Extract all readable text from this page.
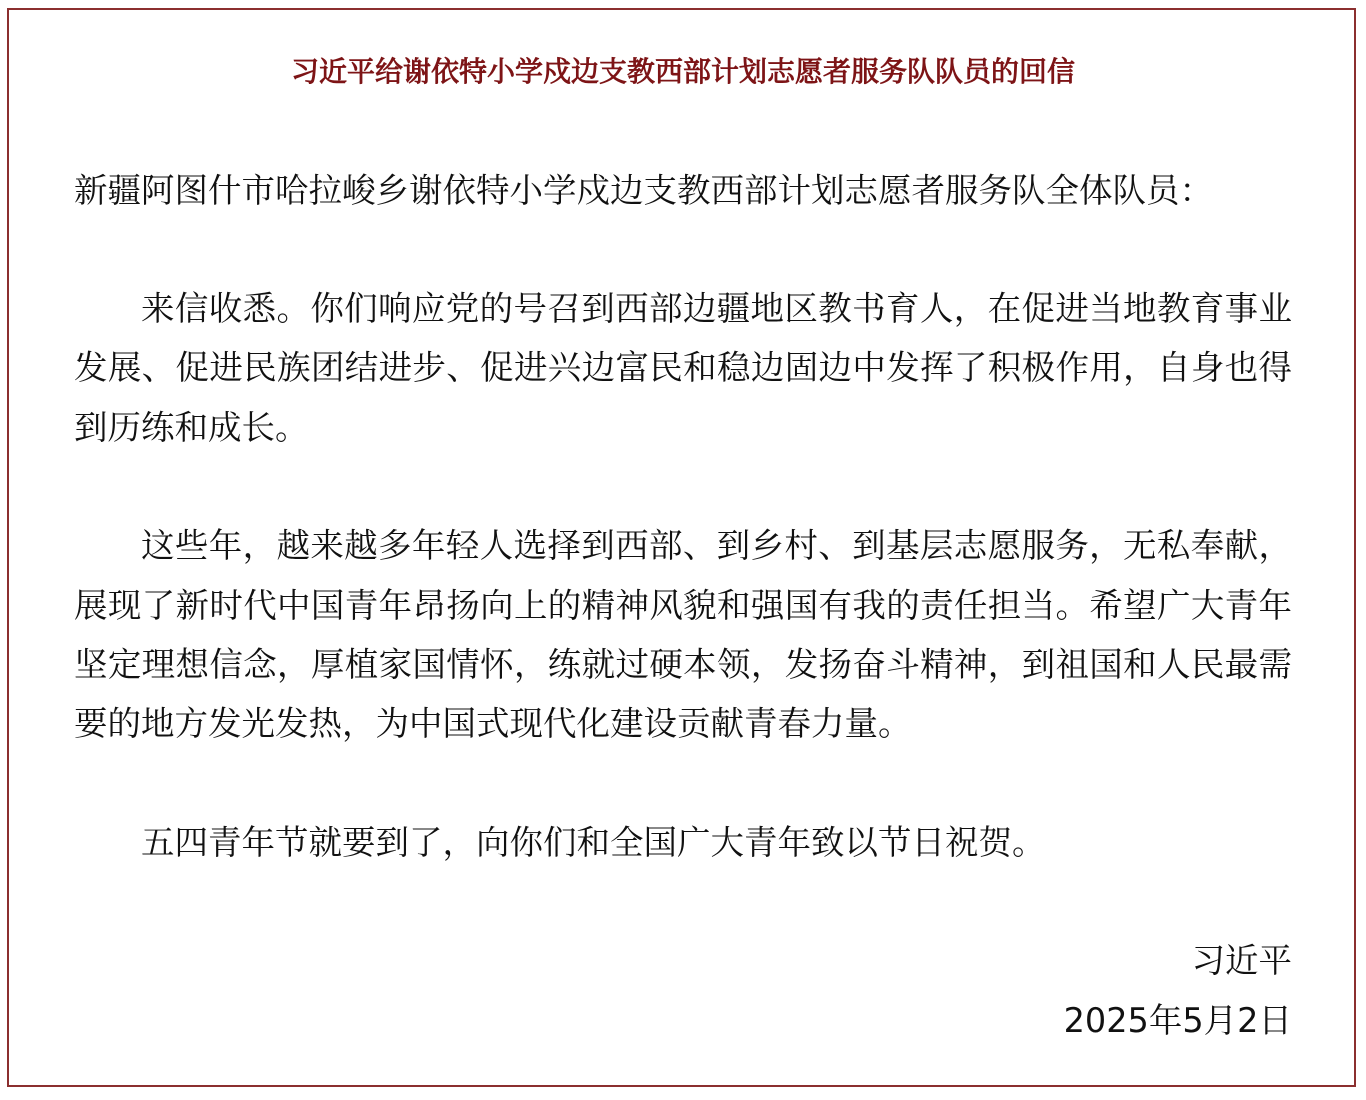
习近平给谢依特小学戍边支教西部计划志愿者服务队队员的回信

新疆阿图什市哈拉峻乡谢依特小学戍边支教西部计划志愿者服务队全体队员：

来信收悉。你们响应党的号召到西部边疆地区教书育人，在促进当地教育事业发展、促进民族团结进步、促进兴边富民和稳边固边中发挥了积极作用，自身也得到历练和成长。

这些年，越来越多年轻人选择到西部、到乡村、到基层志愿服务，无私奉献，展现了新时代中国青年昂扬向上的精神风貌和强国有我的责任担当。希望广大青年坚定理想信念，厚植家国情怀，练就过硬本领，发扬奋斗精神，到祖国和人民最需要的地方发光发热，为中国式现代化建设贡献青春力量。

五四青年节就要到了，向你们和全国广大青年致以节日祝贺。

习近平
2025年5月2日
